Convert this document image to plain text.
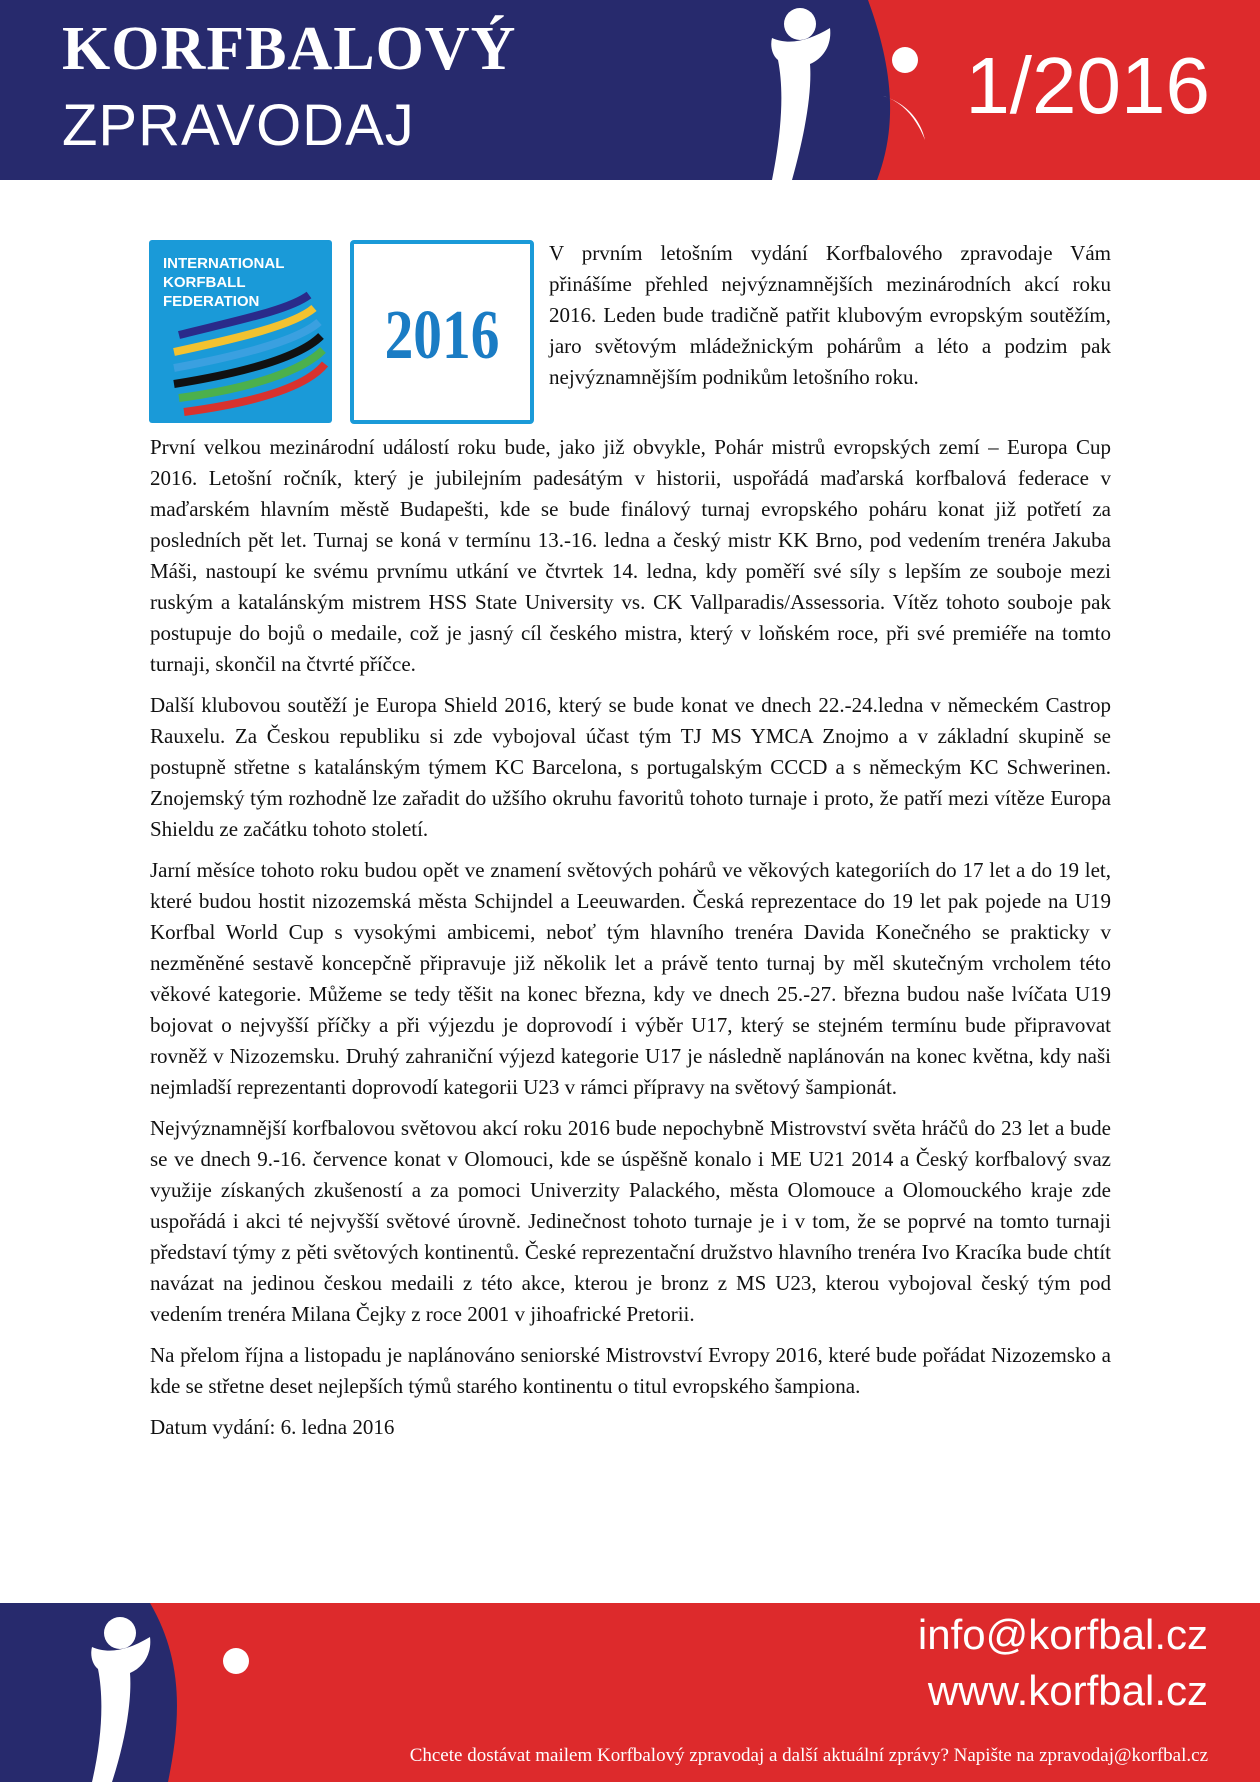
KORFBALOVÝ
ZPRAVODAJ	1/2016
INTERNATIONAL
KORFBALL
FEDERATION	2016
V prvním letošním vydání Korfbalového zpravodaje Vám přinášíme přehled nejvýznamnějších mezinárodních akcí roku 2016. Leden bude tradičně patřit klubovým evropským soutěžím, jaro světovým mládežnickým pohárům a léto a podzim pak nejvýznamnějším podnikům letošního roku.

První velkou mezinárodní událostí roku bude, jako již obvykle, Pohár mistrů evropských zemí – Europa Cup 2016. Letošní ročník, který je jubilejním padesátým v historii, uspořádá maďarská korfbalová federace v maďarském hlavním městě Budapešti, kde se bude finálový turnaj evropského poháru konat již potřetí za posledních pět let. Turnaj se koná v termínu 13.-16. ledna a český mistr KK Brno, pod vedením trenéra Jakuba Máši, nastoupí ke svému prvnímu utkání ve čtvrtek 14. ledna, kdy poměří své síly s lepším ze souboje mezi ruským a katalánským mistrem HSS State University vs. CK Vallparadis/Assessoria. Vítěz tohoto souboje pak postupuje do bojů o medaile, což je jasný cíl českého mistra, který v loňském roce, při své premiéře na tomto turnaji, skončil na čtvrté příčce.

Další klubovou soutěží je Europa Shield 2016, který se bude konat ve dnech 22.-24.ledna v německém Castrop Rauxelu. Za Českou republiku si zde vybojoval účast tým TJ MS YMCA Znojmo a v základní skupině se postupně střetne s katalánským týmem KC Barcelona, s portugalským CCCD a s německým KC Schwerinen. Znojemský tým rozhodně lze zařadit do užšího okruhu favoritů tohoto turnaje i proto, že patří mezi vítěze Europa Shieldu ze začátku tohoto století.

Jarní měsíce tohoto roku budou opět ve znamení světových pohárů ve věkových kategoriích do 17 let a do 19 let, které budou hostit nizozemská města Schijndel a Leeuwarden. Česká reprezentace do 19 let pak pojede na U19 Korfbal World Cup s vysokými ambicemi, neboť tým hlavního trenéra Davida Konečného se prakticky v nezměněné sestavě koncepčně připravuje již několik let a právě tento turnaj by měl skutečným vrcholem této věkové kategorie. Můžeme se tedy těšit na konec března, kdy ve dnech 25.-27. března budou naše lvíčata U19 bojovat o nejvyšší příčky a při výjezdu je doprovodí i výběr U17, který se stejném termínu bude připravovat rovněž v Nizozemsku. Druhý zahraniční výjezd kategorie U17 je následně naplánován na konec května, kdy naši nejmladší reprezentanti doprovodí kategorii U23 v rámci přípravy na světový šampionát.

Nejvýznamnější korfbalovou světovou akcí roku 2016 bude nepochybně Mistrovství světa hráčů do 23 let a bude se ve dnech 9.-16. července konat v Olomouci, kde se úspěšně konalo i ME U21 2014 a Český korfbalový svaz využije získaných zkušeností a za pomoci Univerzity Palackého, města Olomouce a Olomouckého kraje zde uspořádá i akci té nejvyšší světové úrovně. Jedinečnost tohoto turnaje je i v tom, že se poprvé na tomto turnaji představí týmy z pěti světových kontinentů. České reprezentační družstvo hlavního trenéra Ivo Kracíka bude chtít navázat na jedinou českou medaili z této akce, kterou je bronz z MS U23, kterou vybojoval český tým pod vedením trenéra Milana Čejky z roce 2001 v jihoafrické Pretorii.

Na přelom října a listopadu je naplánováno seniorské Mistrovství Evropy 2016, které bude pořádat Nizozemsko a kde se střetne deset nejlepších týmů starého kontinentu o titul evropského šampiona.

Datum vydání: 6. ledna 2016

info@korfbal.cz
www.korfbal.cz
Chcete dostávat mailem Korfbalový zpravodaj a další aktuální zprávy? Napište na zpravodaj@korfbal.cz
